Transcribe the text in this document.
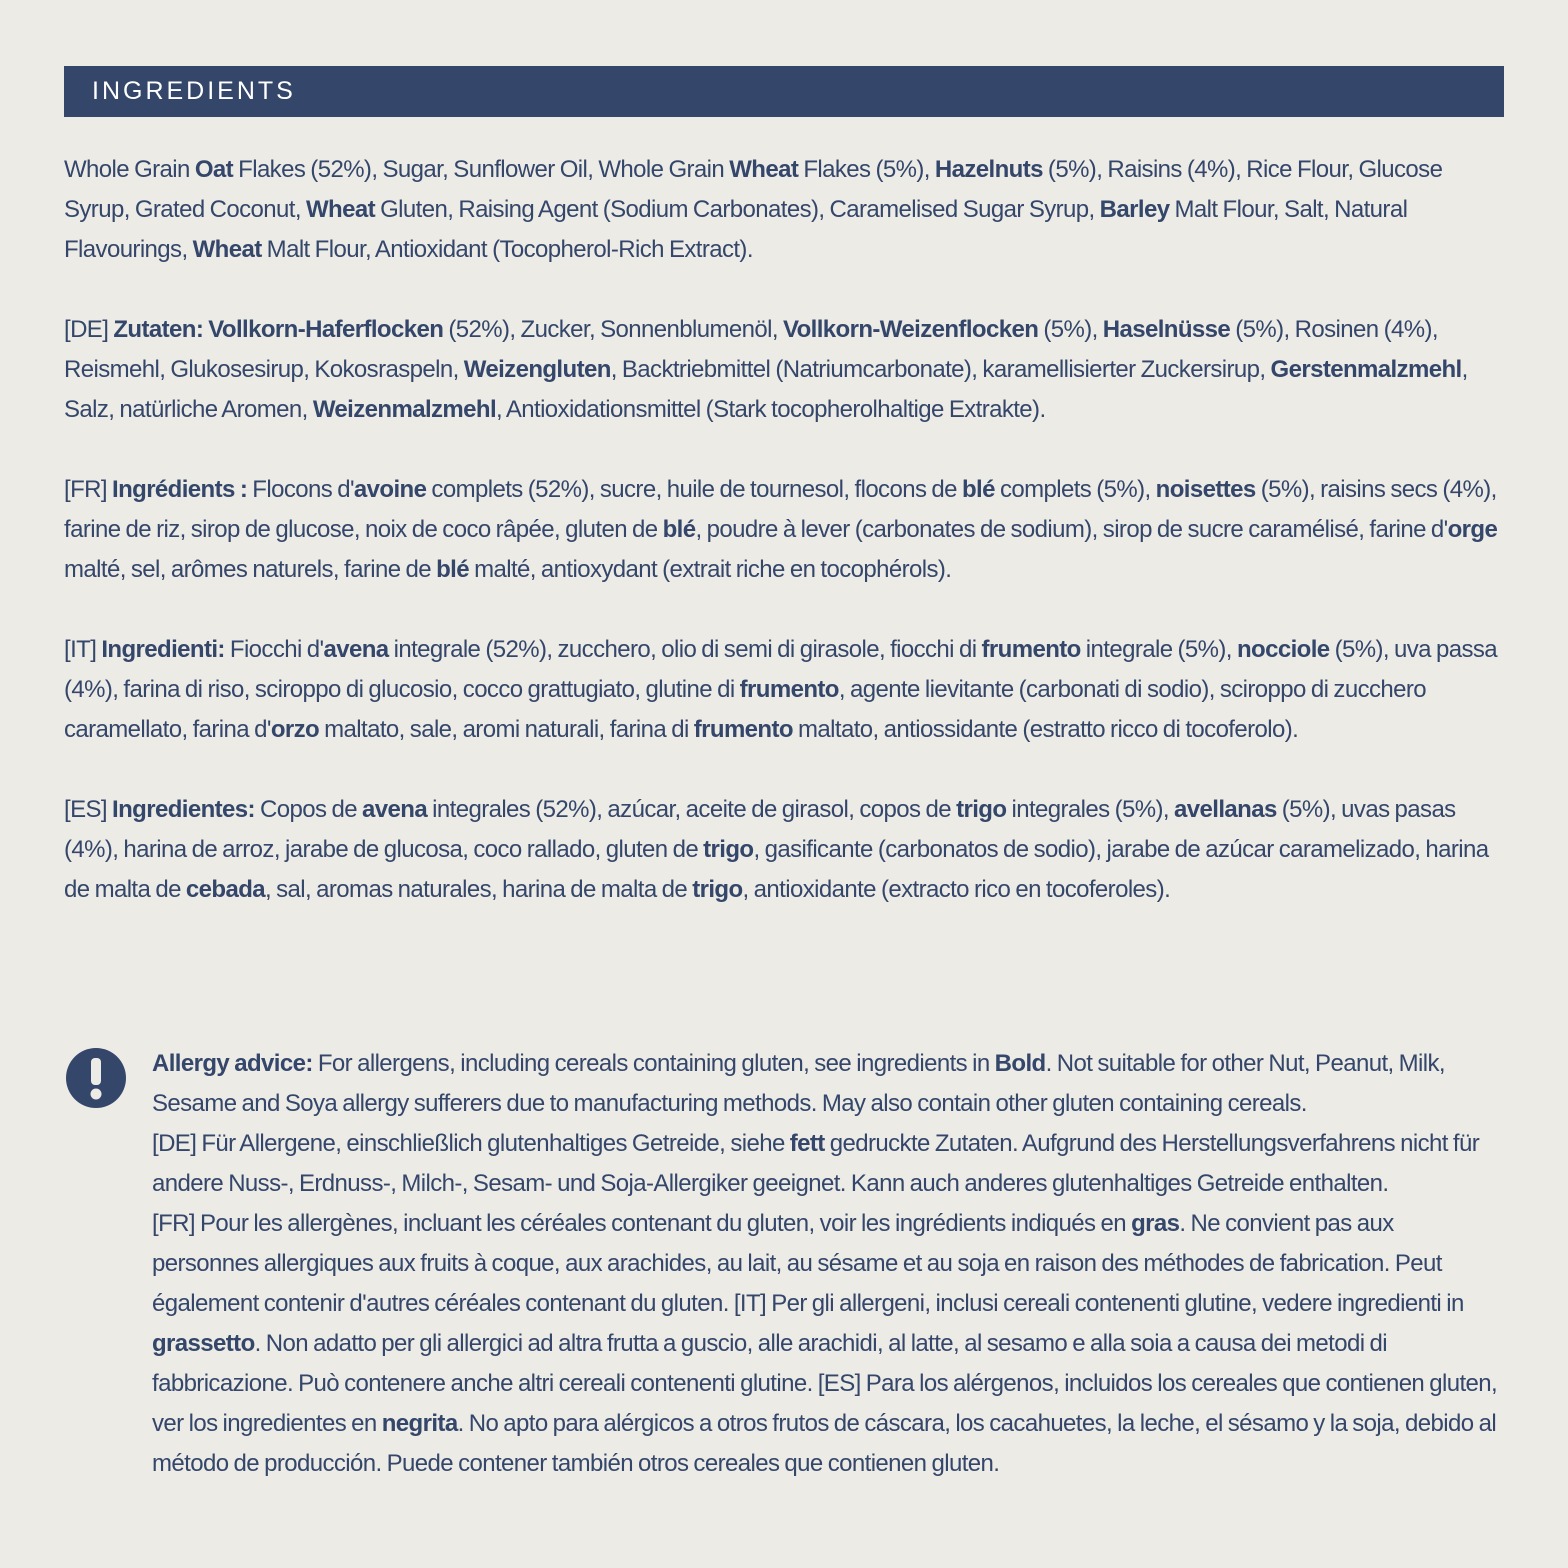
INGREDIENTS

Whole Grain Oat Flakes (52%), Sugar, Sunflower Oil, Whole Grain Wheat Flakes (5%), Hazelnuts (5%), Raisins (4%), Rice Flour, Glucose Syrup, Grated Coconut, Wheat Gluten, Raising Agent (Sodium Carbonates), Caramelised Sugar Syrup, Barley Malt Flour, Salt, Natural Flavourings, Wheat Malt Flour, Antioxidant (Tocopherol-Rich Extract).

[DE] Zutaten: Vollkorn-Haferflocken (52%), Zucker, Sonnenblumenöl, Vollkorn-Weizenflocken (5%), Haselnüsse (5%), Rosinen (4%), Reismehl, Glukosesirup, Kokosraspeln, Weizengluten, Backtriebmittel (Natriumcarbonate), karamellisierter Zuckersirup, Gerstenmalzmehl, Salz, natürliche Aromen, Weizenmalzmehl, Antioxidationsmittel (Stark tocopherolhaltige Extrakte).

[FR] Ingrédients : Flocons d'avoine complets (52%), sucre, huile de tournesol, flocons de blé complets (5%), noisettes (5%), raisins secs (4%), farine de riz, sirop de glucose, noix de coco râpée, gluten de blé, poudre à lever (carbonates de sodium), sirop de sucre caramélisé, farine d'orge malté, sel, arômes naturels, farine de blé malté, antioxydant (extrait riche en tocophérols).

[IT] Ingredienti: Fiocchi d'avena integrale (52%), zucchero, olio di semi di girasole, fiocchi di frumento integrale (5%), nocciole (5%), uva passa (4%), farina di riso, sciroppo di glucosio, cocco grattugiato, glutine di frumento, agente lievitante (carbonati di sodio), sciroppo di zucchero caramellato, farina d'orzo maltato, sale, aromi naturali, farina di frumento maltato, antiossidante (estratto ricco di tocoferolo).

[ES] Ingredientes: Copos de avena integrales (52%), azúcar, aceite de girasol, copos de trigo integrales (5%), avellanas (5%), uvas pasas (4%), harina de arroz, jarabe de glucosa, coco rallado, gluten de trigo, gasificante (carbonatos de sodio), jarabe de azúcar caramelizado, harina de malta de cebada, sal, aromas naturales, harina de malta de trigo, antioxidante (extracto rico en tocoferoles).

Allergy advice: For allergens, including cereals containing gluten, see ingredients in Bold. Not suitable for other Nut, Peanut, Milk, Sesame and Soya allergy sufferers due to manufacturing methods. May also contain other gluten containing cereals.
[DE] Für Allergene, einschließlich glutenhaltiges Getreide, siehe fett gedruckte Zutaten. Aufgrund des Herstellungsverfahrens nicht für andere Nuss-, Erdnuss-, Milch-, Sesam- und Soja-Allergiker geeignet. Kann auch anderes glutenhaltiges Getreide enthalten.
[FR] Pour les allergènes, incluant les céréales contenant du gluten, voir les ingrédients indiqués en gras. Ne convient pas aux personnes allergiques aux fruits à coque, aux arachides, au lait, au sésame et au soja en raison des méthodes de fabrication. Peut également contenir d'autres céréales contenant du gluten. [IT] Per gli allergeni, inclusi cereali contenenti glutine, vedere ingredienti in grassetto. Non adatto per gli allergici ad altra frutta a guscio, alle arachidi, al latte, al sesamo e alla soia a causa dei metodi di fabbricazione. Può contenere anche altri cereali contenenti glutine. [ES] Para los alérgenos, incluidos los cereales que contienen gluten, ver los ingredientes en negrita. No apto para alérgicos a otros frutos de cáscara, los cacahuetes, la leche, el sésamo y la soja, debido al método de producción. Puede contener también otros cereales que contienen gluten.
